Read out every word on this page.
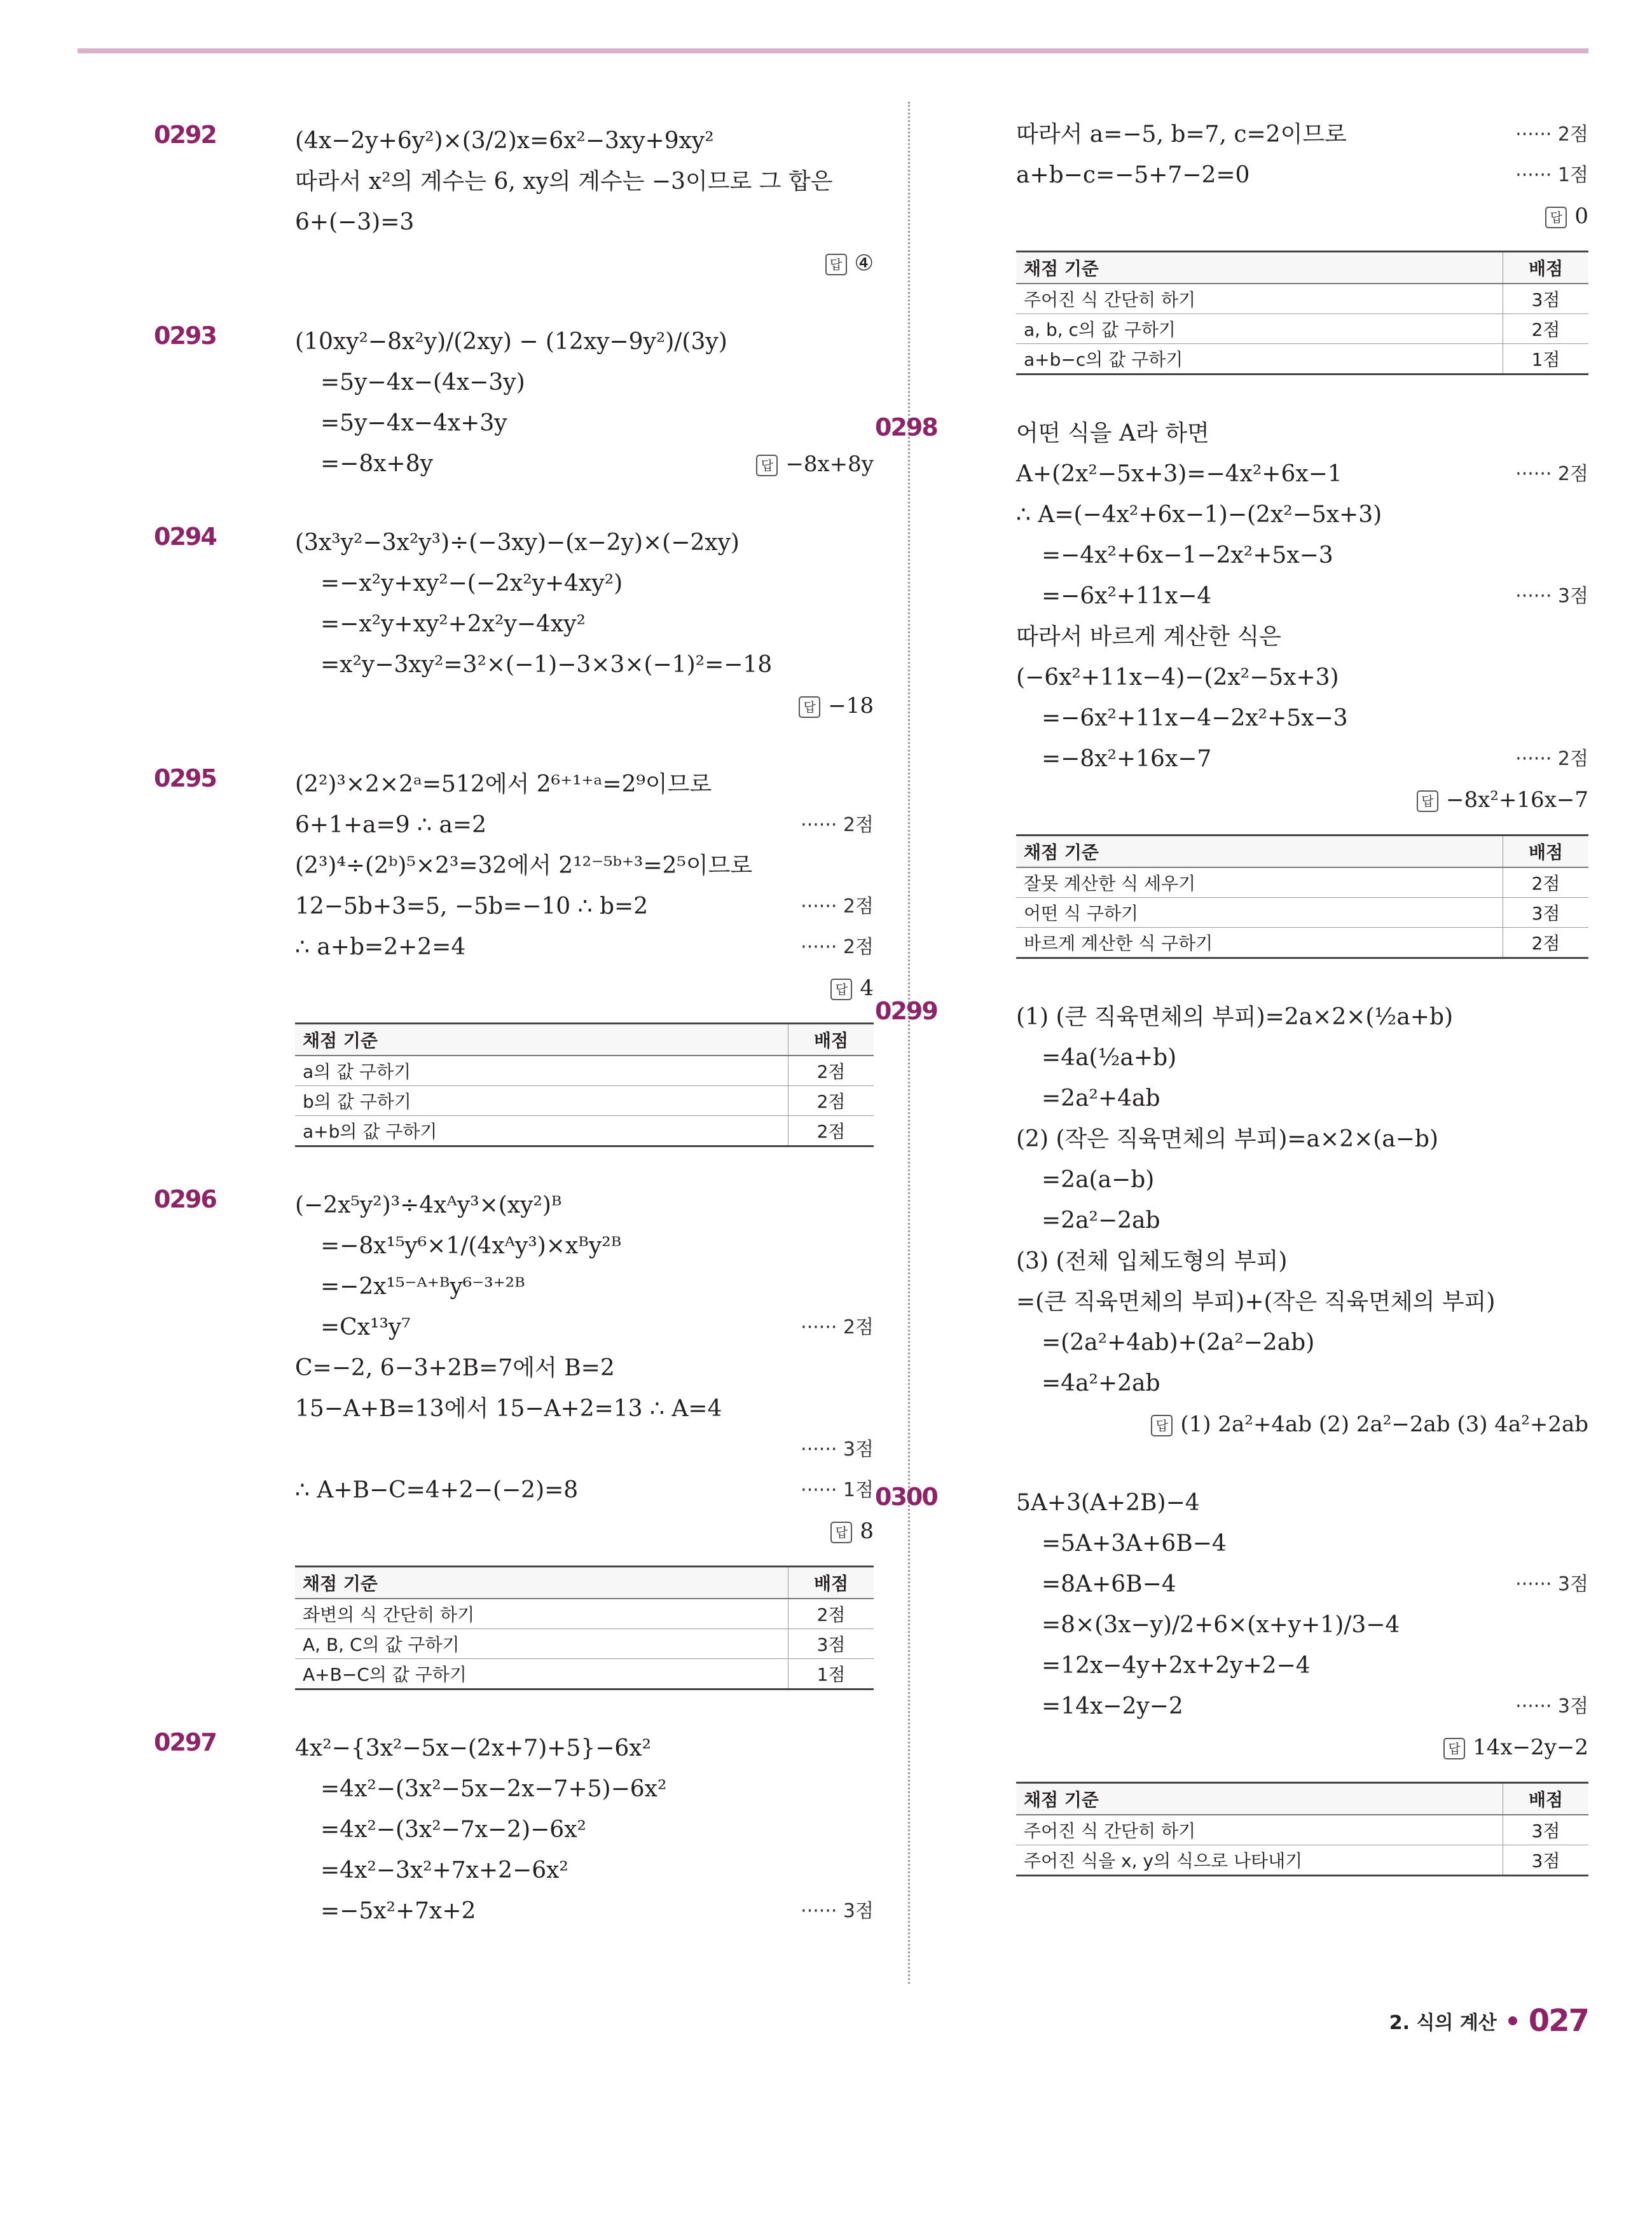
0292	(4x−2y+6y²)×(3/2)x=6x²−3xy+9xy²
따라서 x²의 계수는 6, xy의 계수는 −3이므로 그 합은
6+(−3)=3
답 ④
0293	(10xy²−8x²y)/(2xy) − (12xy−9y²)/(3y)
=5y−4x−(4x−3y)
=5y−4x−4x+3y
=−8x+8y	답 −8x+8y
0294	(3x³y²−3x²y³)÷(−3xy)−(x−2y)×(−2xy)
=−x²y+xy²−(−2x²y+4xy²)
=−x²y+xy²+2x²y−4xy²
=x²y−3xy²=3²×(−1)−3×3×(−1)²=−18
답 −18
0295	(2²)³×2×2ᵃ=512에서 2⁶⁺¹⁺ᵃ=2⁹이므로
6+1+a=9 ∴ a=2	······ 2점
(2³)⁴÷(2ᵇ)⁵×2³=32에서 2¹²⁻⁵ᵇ⁺³=2⁵이므로
12−5b+3=5, −5b=−10 ∴ b=2	······ 2점
∴ a+b=2+2=4	······ 2점
답 4
채점 기준	배점
a의 값 구하기	2점
b의 값 구하기	2점
a+b의 값 구하기	2점
0296	(−2x⁵y²)³÷4xᴬy³×(xy²)ᴮ
=−8x¹⁵y⁶×1/(4xᴬy³)×xᴮy²ᴮ
=−2x¹⁵⁻ᴬ⁺ᴮy⁶⁻³⁺²ᴮ
=Cx¹³y⁷	······ 2점
C=−2, 6−3+2B=7에서 B=2
15−A+B=13에서 15−A+2=13 ∴ A=4
······ 3점
∴ A+B−C=4+2−(−2)=8	······ 1점
답 8
채점 기준	배점
좌변의 식 간단히 하기	2점
A, B, C의 값 구하기	3점
A+B−C의 값 구하기	1점
0297	4x²−{3x²−5x−(2x+7)+5}−6x²
=4x²−(3x²−5x−2x−7+5)−6x²
=4x²−(3x²−7x−2)−6x²
=4x²−3x²+7x+2−6x²
=−5x²+7x+2	······ 3점
따라서 a=−5, b=7, c=2이므로	······ 2점
a+b−c=−5+7−2=0	······ 1점
답 0
채점 기준	배점
주어진 식 간단히 하기	3점
a, b, c의 값 구하기	2점
a+b−c의 값 구하기	1점
0298	어떤 식을 A라 하면
A+(2x²−5x+3)=−4x²+6x−1	······ 2점
∴ A=(−4x²+6x−1)−(2x²−5x+3)
=−4x²+6x−1−2x²+5x−3
=−6x²+11x−4	······ 3점
따라서 바르게 계산한 식은
(−6x²+11x−4)−(2x²−5x+3)
=−6x²+11x−4−2x²+5x−3
=−8x²+16x−7	······ 2점
답 −8x²+16x−7
채점 기준	배점
잘못 계산한 식 세우기	2점
어떤 식 구하기	3점
바르게 계산한 식 구하기	2점
0299	(1) (큰 직육면체의 부피)=2a×2×(½a+b)
=4a(½a+b)
=2a²+4ab
(2) (작은 직육면체의 부피)=a×2×(a−b)
=2a(a−b)
=2a²−2ab
(3) (전체 입체도형의 부피)
=(큰 직육면체의 부피)+(작은 직육면체의 부피)
=(2a²+4ab)+(2a²−2ab)
=4a²+2ab
답 (1) 2a²+4ab (2) 2a²−2ab (3) 4a²+2ab
0300	5A+3(A+2B)−4
=5A+3A+6B−4
=8A+6B−4	······ 3점
=8×(3x−y)/2+6×(x+y+1)/3−4
=12x−4y+2x+2y+2−4
=14x−2y−2	······ 3점
답 14x−2y−2
채점 기준	배점
주어진 식 간단히 하기	3점
주어진 식을 x, y의 식으로 나타내기	3점
2. 식의 계산 027
